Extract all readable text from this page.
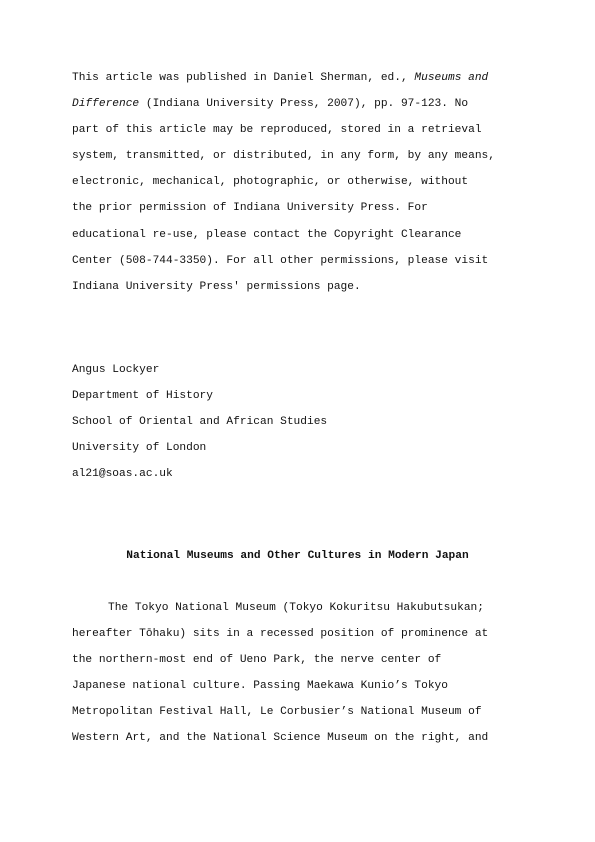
This article was published in Daniel Sherman, ed., Museums and
Difference (Indiana University Press, 2007), pp. 97-123. No
part of this article may be reproduced, stored in a retrieval
system, transmitted, or distributed, in any form, by any means,
electronic, mechanical, photographic, or otherwise, without
the prior permission of Indiana University Press. For
educational re-use, please contact the Copyright Clearance
Center (508-744-3350). For all other permissions, please visit
Indiana University Press' permissions page.
Angus Lockyer
Department of History
School of Oriental and African Studies
University of London
al21@soas.ac.uk
National Museums and Other Cultures in Modern Japan
The Tokyo National Museum (Tokyo Kokuritsu Hakubutsukan;
hereafter Tōhaku) sits in a recessed position of prominence at
the northern-most end of Ueno Park, the nerve center of
Japanese national culture. Passing Maekawa Kunio’s Tokyo
Metropolitan Festival Hall, Le Corbusier’s National Museum of
Western Art, and the National Science Museum on the right, and
